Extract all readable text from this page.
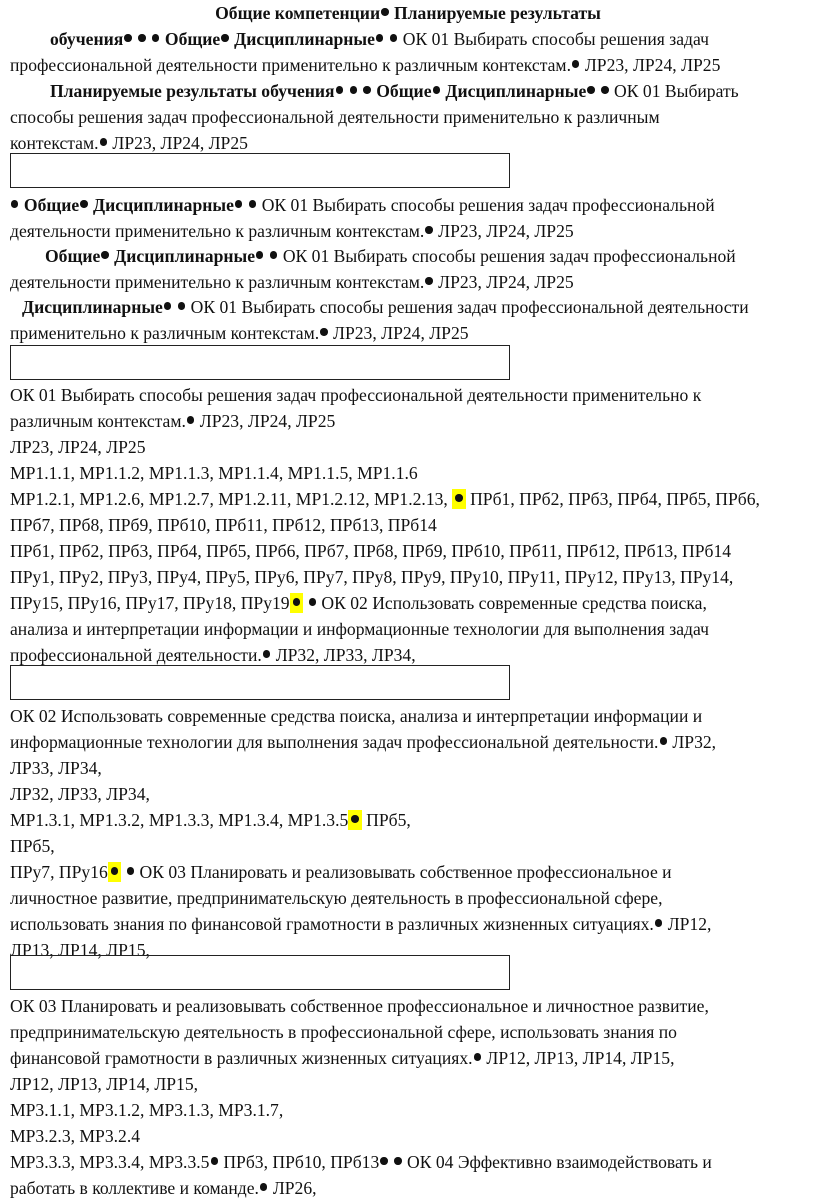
Общие компетенции Планируемые результаты

обучения   Общие Дисциплинарные  ОК 01 Выбирать способы решения задач

профессиональной деятельности применительно к различным контекстам. ЛР23, ЛР24, ЛР25

Планируемые результаты обучения   Общие Дисциплинарные  ОК 01 Выбирать

способы решения задач профессиональной деятельности применительно к различным

контекстам. ЛР23, ЛР24, ЛР25

Общие Дисциплинарные  ОК 01 Выбирать способы решения задач профессиональной

деятельности применительно к различным контекстам. ЛР23, ЛР24, ЛР25

Общие Дисциплинарные  ОК 01 Выбирать способы решения задач профессиональной

деятельности применительно к различным контекстам. ЛР23, ЛР24, ЛР25

Дисциплинарные  ОК 01 Выбирать способы решения задач профессиональной деятельности

применительно к различным контекстам. ЛР23, ЛР24, ЛР25

ОК 01 Выбирать способы решения задач профессиональной деятельности применительно к

различным контекстам. ЛР23, ЛР24, ЛР25

ЛР23, ЛР24, ЛР25

МР1.1.1, МР1.1.2, МР1.1.3, МР1.1.4, МР1.1.5, МР1.1.6

МР1.2.1, МР1.2.6, МР1.2.7, МР1.2.11, МР1.2.12, МР1.2.13,  ПРб1, ПРб2, ПРб3, ПРб4, ПРб5, ПРб6,

ПРб7, ПРб8, ПРб9, ПРб10, ПРб11, ПРб12, ПРб13, ПРб14

ПРб1, ПРб2, ПРб3, ПРб4, ПРб5, ПРб6, ПРб7, ПРб8, ПРб9, ПРб10, ПРб11, ПРб12, ПРб13, ПРб14

ПРу1, ПРу2, ПРу3, ПРу4, ПРу5, ПРу6, ПРу7, ПРу8, ПРу9, ПРу10, ПРу11, ПРу12, ПРу13, ПРу14,

ПРу15, ПРу16, ПРу17, ПРу18, ПРу19  ОК 02 Использовать современные средства поиска,

анализа и интерпретации информации и информационные технологии для выполнения задач

профессиональной деятельности. ЛР32, ЛР33, ЛР34,

ОК 02 Использовать современные средства поиска, анализа и интерпретации информации и

информационные технологии для выполнения задач профессиональной деятельности. ЛР32,

ЛР33, ЛР34,

ЛР32, ЛР33, ЛР34,

МР1.3.1, МР1.3.2, МР1.3.3, МР1.3.4, МР1.3.5 ПРб5,

ПРб5,

ПРу7, ПРу16  ОК 03 Планировать и реализовывать собственное профессиональное и

личностное развитие, предпринимательскую деятельность в профессиональной сфере,

использовать знания по финансовой грамотности в различных жизненных ситуациях. ЛР12,

ЛР13, ЛР14, ЛР15,

ОК 03 Планировать и реализовывать собственное профессиональное и личностное развитие,

предпринимательскую деятельность в профессиональной сфере, использовать знания по

финансовой грамотности в различных жизненных ситуациях. ЛР12, ЛР13, ЛР14, ЛР15,

ЛР12, ЛР13, ЛР14, ЛР15,

МР3.1.1, МР3.1.2, МР3.1.3, МР3.1.7,

МР3.2.3, МР3.2.4

МР3.3.3, МР3.3.4, МР3.3.5 ПРб3, ПРб10, ПРб13  ОК 04 Эффективно взаимодействовать и

работать в коллективе и команде. ЛР26,
